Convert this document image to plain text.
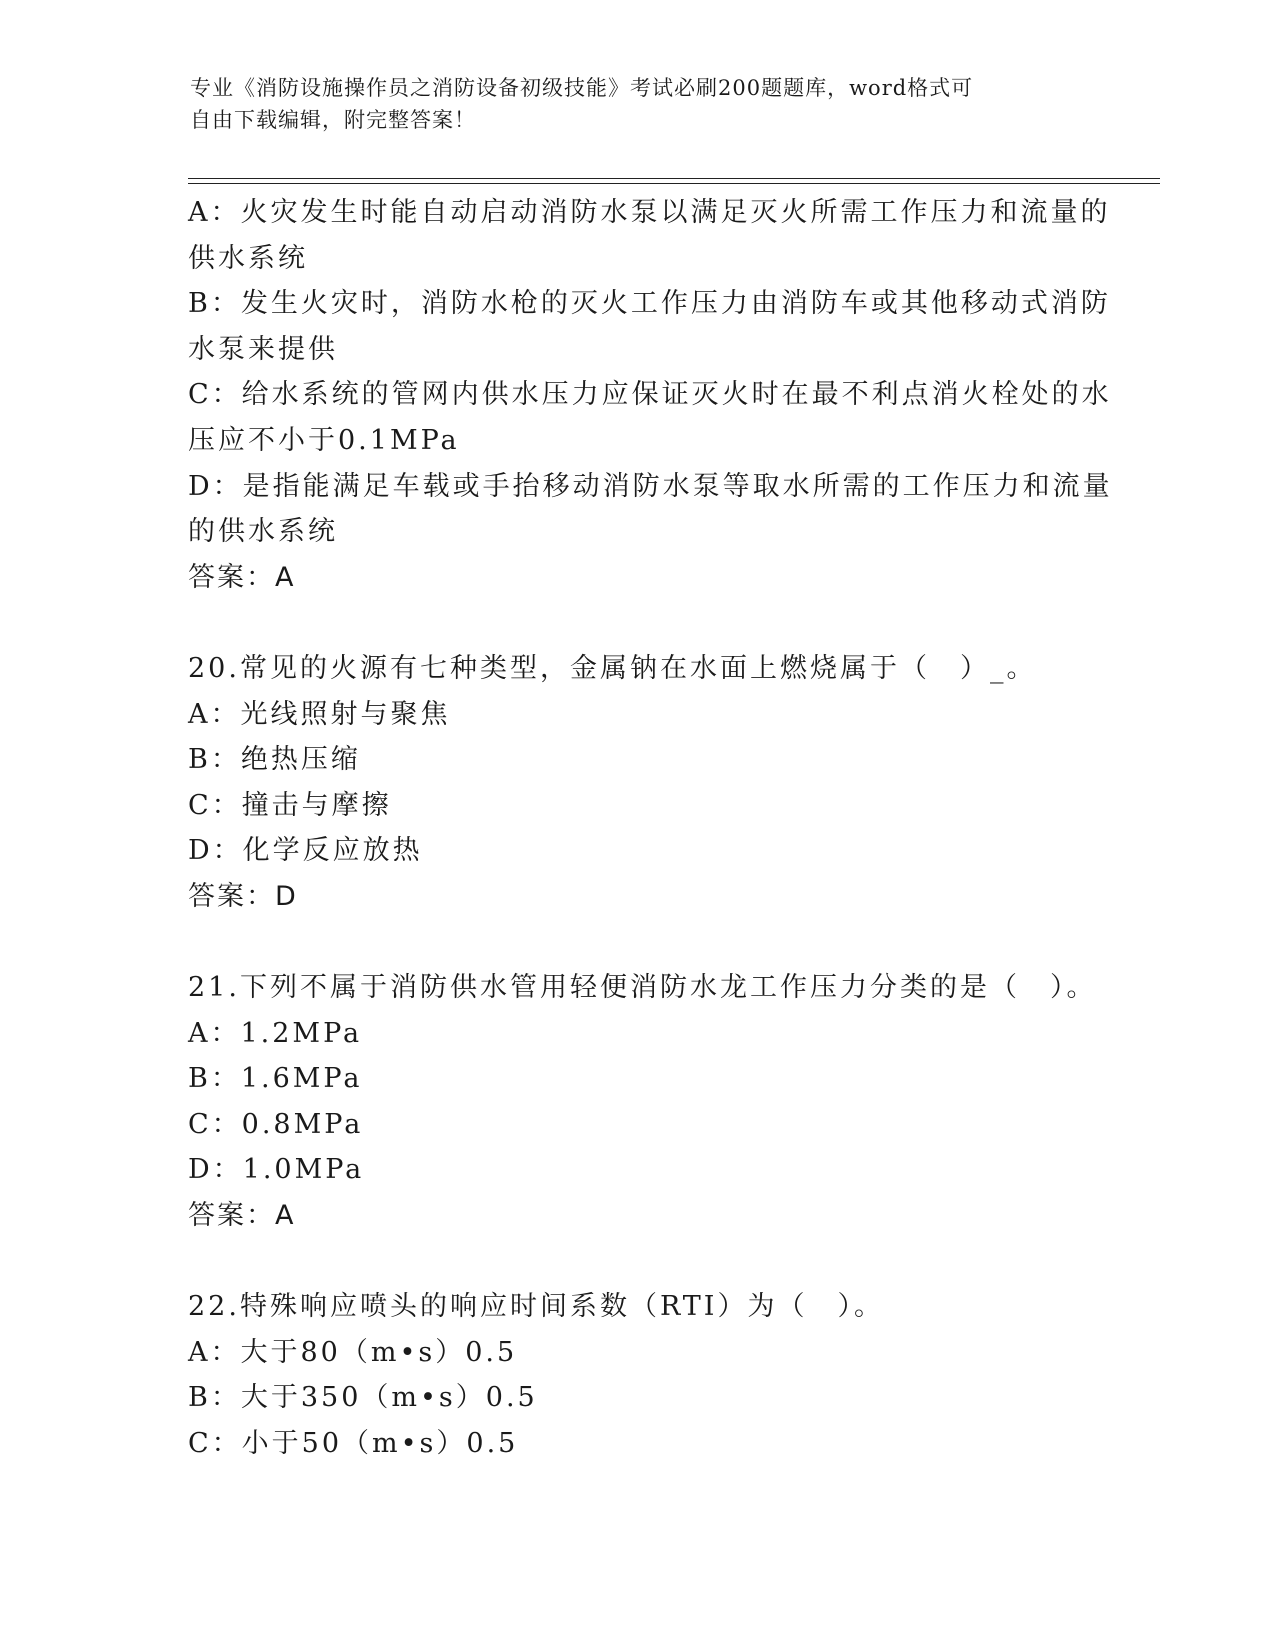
专业《消防设施操作员之消防设备初级技能》考试必刷200题题库，word格式可
自由下载编辑，附完整答案！
A：火灾发生时能自动启动消防水泵以满足灭火所需工作压力和流量的
供水系统
B：发生火灾时，消防水枪的灭火工作压力由消防车或其他移动式消防
水泵来提供
C：给水系统的管网内供水压力应保证灭火时在最不利点消火栓处的水
压应不小于0.1MPa
D：是指能满足车载或手抬移动消防水泵等取水所需的工作压力和流量
的供水系统
答案：A
20.常见的火源有七种类型，金属钠在水面上燃烧属于（　）_。
A：光线照射与聚焦
B：绝热压缩
C：撞击与摩擦
D：化学反应放热
答案：D
21.下列不属于消防供水管用轻便消防水龙工作压力分类的是（　）。
A：1.2MPa
B：1.6MPa
C：0.8MPa
D：1.0MPa
答案：A
22.特殊响应喷头的响应时间系数（RTI）为（　）。
A：大于80（m•s）0.5
B：大于350（m•s）0.5
C：小于50（m•s）0.5
